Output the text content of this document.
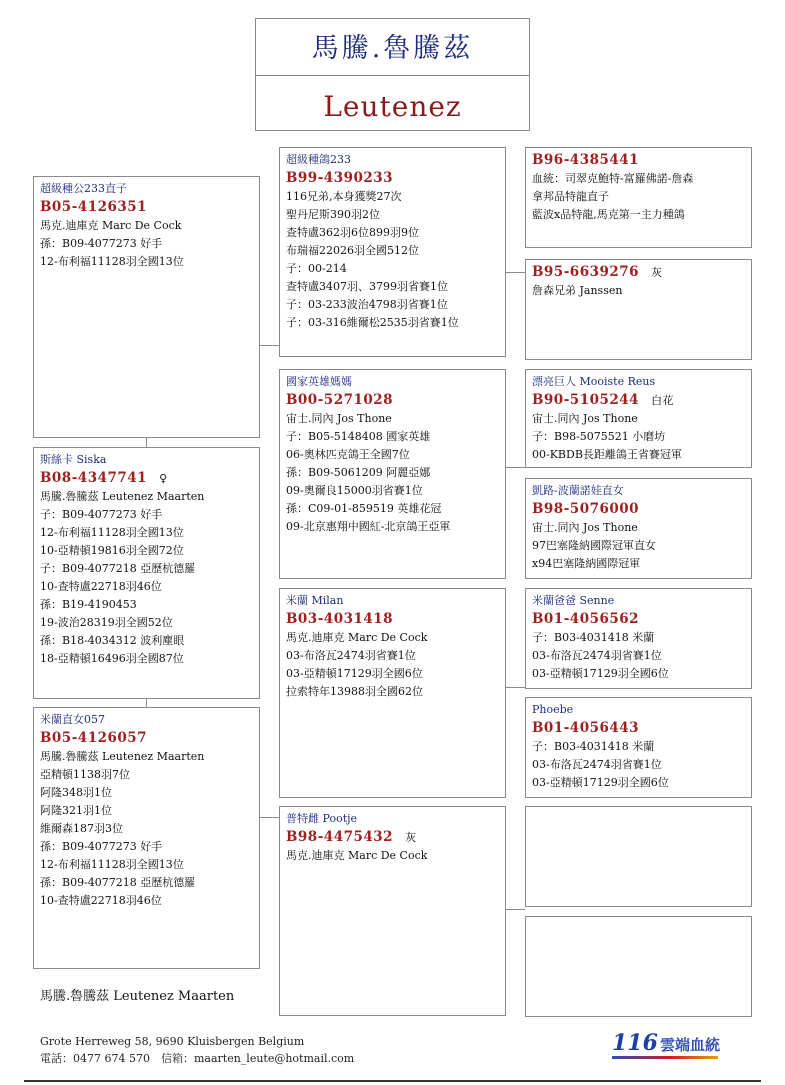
馬騰.魯騰茲
Leutenez
超級種公233直子
B05-4126351
馬克.迪庫克 Marc De Cock
孫：B09-4077273 好手
12-布利福11128羽全國13位
斯絲卡 Siska
B08-4347741 ♀
馬騰.魯騰茲 Leutenez Maarten
子：B09-4077273 好手
12-布利福11128羽全國13位
10-亞精頓19816羽全國72位
子：B09-4077218 亞歷杭德羅
10-查特盧22718羽46位
孫：B19-4190453
19-波治28319羽全國52位
孫：B18-4034312 波利塵眼
18-亞精頓16496羽全國87位
米蘭直女057
B05-4126057
馬騰.魯騰茲 Leutenez Maarten
亞精頓1138羽7位
阿隆348羽1位
阿隆321羽1位
維爾森187羽3位
孫：B09-4077273 好手
12-布利福11128羽全國13位
孫：B09-4077218 亞歷杭德羅
10-查特盧22718羽46位
超級種鴿233
B99-4390233
116兄弟,本身獲獎27次
聖丹尼斯390羽2位
查特盧362羽6位899羽9位
布瑞福22026羽全國512位
子：00-214
查特盧3407羽、3799羽省賽1位
子：03-233波治4798羽省賽1位
子：03-316維爾松2535羽省賽1位
國家英雄媽媽
B00-5271028
宙士.同內 Jos Thone
子：B05-5148408 國家英雄
06-奧林匹克鴿王全國7位
孫：B09-5061209 阿麗亞娜
09-奧爾良15000羽省賽1位
孫：C09-01-859519 英雄花冠
09-北京惠翔中國紅-北京鴿王亞軍
米蘭 Milan
B03-4031418
馬克.迪庫克 Marc De Cock
03-布洛瓦2474羽省賽1位
03-亞精頓17129羽全國6位
拉索特年13988羽全國62位
普特雌 Pootje
B98-4475432 灰
馬克.迪庫克 Marc De Cock
B96-4385441
血統：司翠克鮑特-富羅佛諾-詹森
拿邦品特龍直子
藍波x品特龍,馬克第一主力種鴿
B95-6639276 灰
詹森兄弟 Janssen
漂亮巨人 Mooiste Reus
B90-5105244 白花
宙士.同內 Jos Thone
子：B98-5075521 小磨坊
00-KBDB長距離鴿王省賽冠軍
凱路-波蘭諾娃直女
B98-5076000
宙士.同內 Jos Thone
97巴塞隆納國際冠軍直女
x94巴塞隆納國際冠軍
米蘭爸爸 Senne
B01-4056562
子：B03-4031418 米蘭
03-布洛瓦2474羽省賽1位
03-亞精頓17129羽全國6位
Phoebe
B01-4056443
子：B03-4031418 米蘭
03-布洛瓦2474羽省賽1位
03-亞精頓17129羽全國6位
馬騰.魯騰茲 Leutenez Maarten
Grote Herreweg 58, 9690 Kluisbergen Belgium
電話：0477 674 570　信箱：maarten_leute@hotmail.com
116 雲端血統
